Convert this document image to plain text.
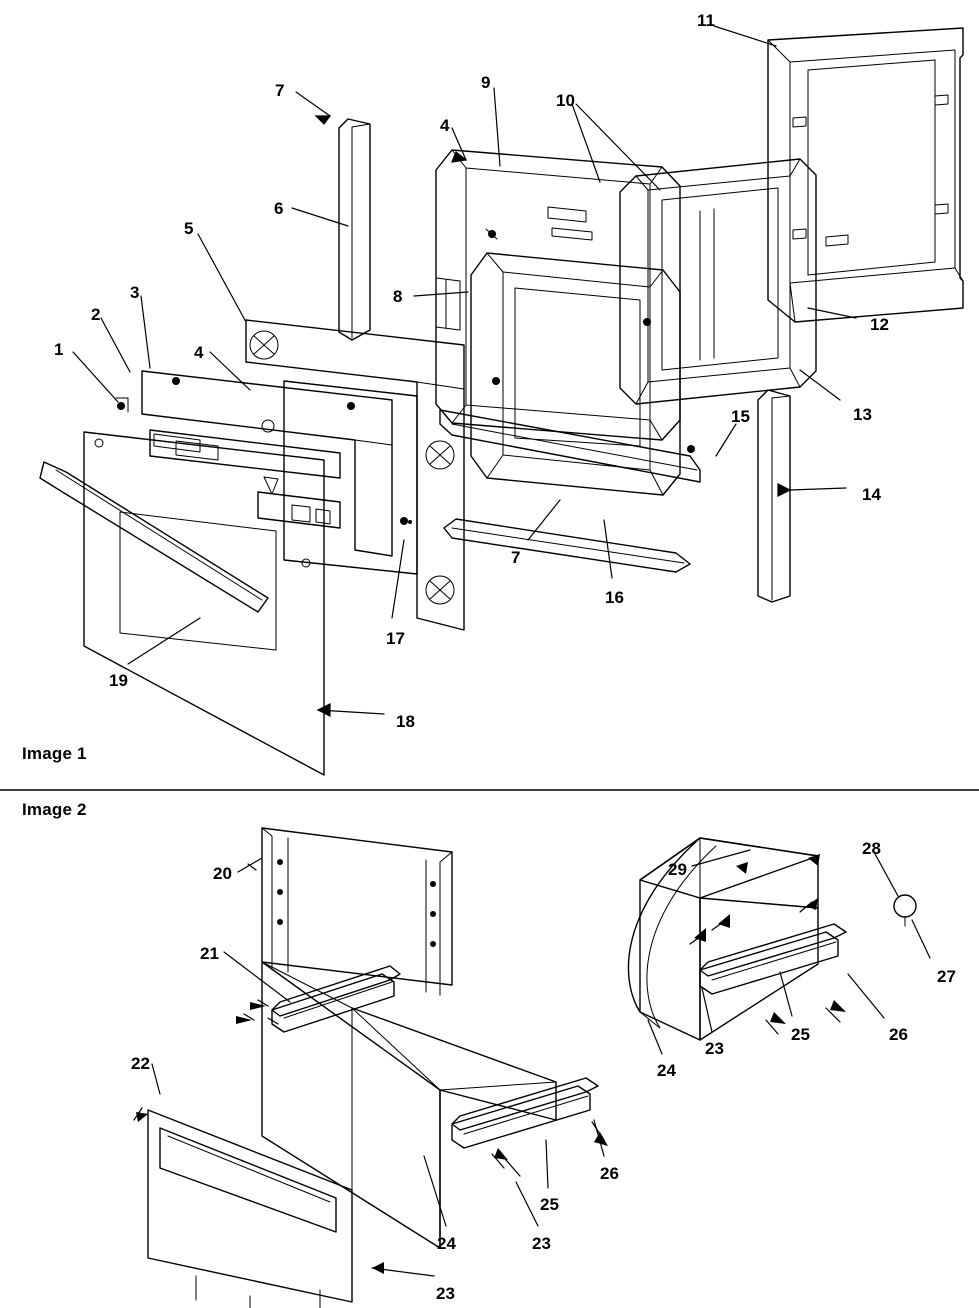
Image 1
Image 2
1
2
3
4
5
6
7
4
9
10
11
8
12
13
15
14
7
16
17
19
18
20
21
22
29
28
27
26
25
23
24
26
25
23
24
23
